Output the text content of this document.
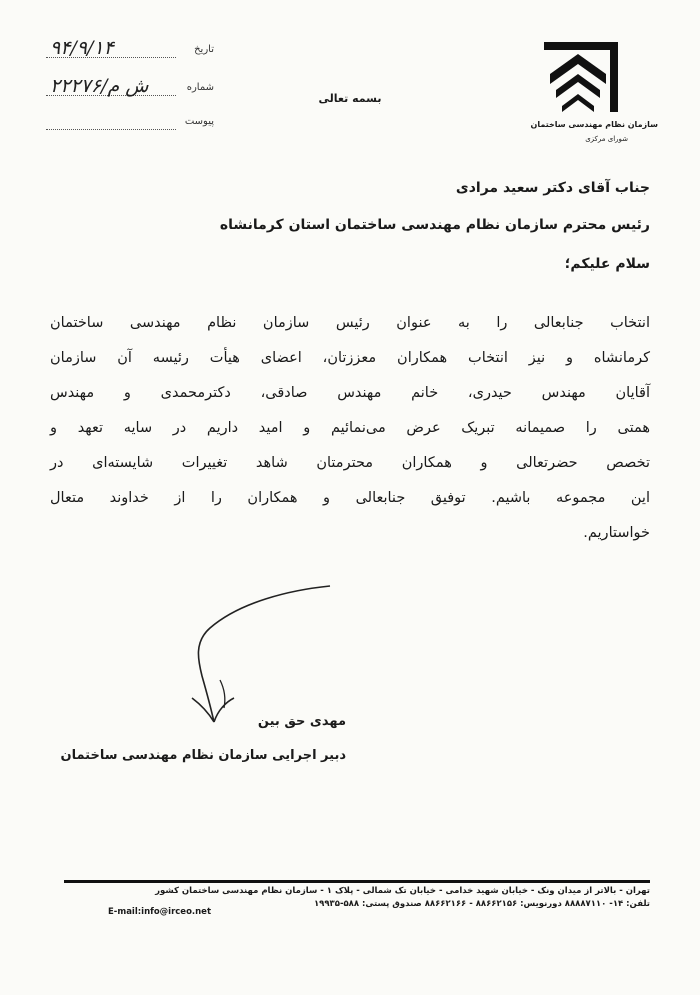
سازمان نظام مهندسی ساختمان
شورای مرکزی
تاریخ
۹۴/۹/۱۴
شماره
۲۲۲۷۶/ش م
پیوست
بسمه تعالی
جناب آقای دکتر سعید مرادی
رئیس محترم سازمان نظام مهندسی ساختمان استان کرمانشاه
سلام علیکم؛
انتخاب جنابعالی را به عنوان رئیس سازمان نظام مهندسی ساختمان
کرمانشاه و نیز انتخاب همکاران معززتان، اعضای هیأت رئیسه آن سازمان
آقایان مهندس حیدری، خانم مهندس صادقی، دکترمحمدی و مهندس
همتی را صمیمانه تبریک عرض می‌نمائیم و امید داریم در سایه تعهد و
تخصص حضرتعالی و همکاران محترمتان شاهد تغییرات شایسته‌ای در
این مجموعه باشیم. توفیق جنابعالی و همکاران را از خداوند متعال
خواستاریم.
مهدی حق بین
دبیر اجرایی سازمان نظام مهندسی ساختمان
تهران - بالاتر از میدان ونک - خیابان شهید خدامی - خیابان تک شمالی - پلاک ۱ - سازمان نظام مهندسی ساختمان کشور
تلفن: ۱۴- ۸۸۸۸۷۱۱۰ دورنویس: ۸۸۶۶۲۱۵۶ - ۸۸۶۶۲۱۶۶ صندوق پستی: ۵۸۸-۱۹۹۳۵
E-mail:info@irceo.net
